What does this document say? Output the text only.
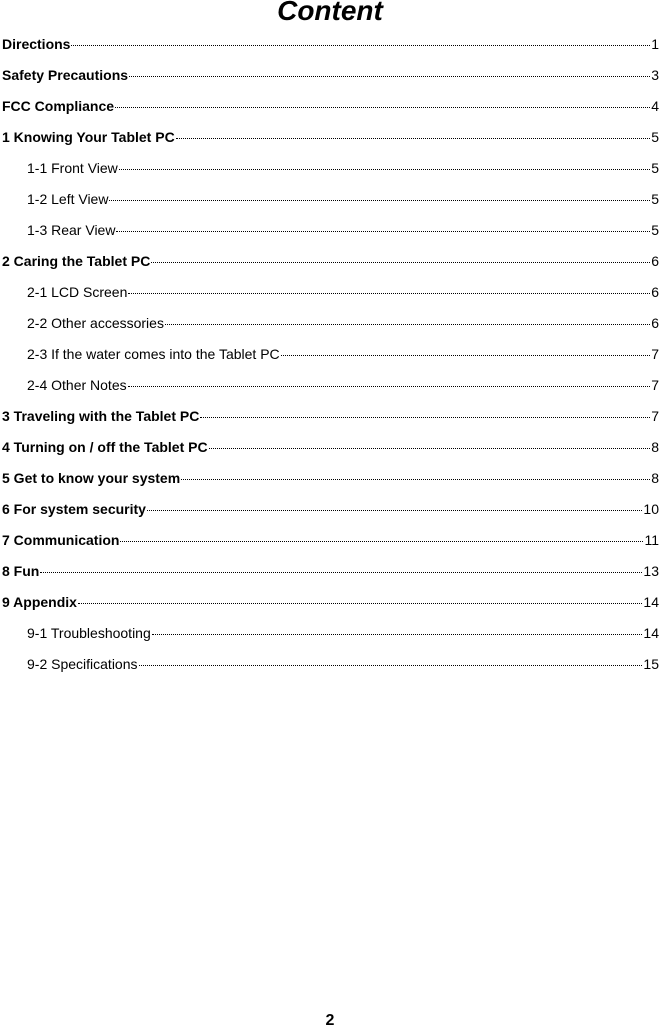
Content
Directions	1
Safety Precautions	3
FCC Compliance	4
1 Knowing Your Tablet PC	5
1-1 Front View	5
1-2 Left View	5
1-3 Rear View	5
2 Caring the Tablet PC	6
2-1 LCD Screen	6
2-2 Other accessories	6
2-3 If the water comes into the Tablet PC	7
2-4 Other Notes	7
3 Traveling with the Tablet PC	7
4 Turning on / off the Tablet PC	8
5 Get to know your system	8
6 For system security	10
7 Communication	11
8 Fun	13
9 Appendix	14
9-1 Troubleshooting	14
9-2 Specifications	15
2
